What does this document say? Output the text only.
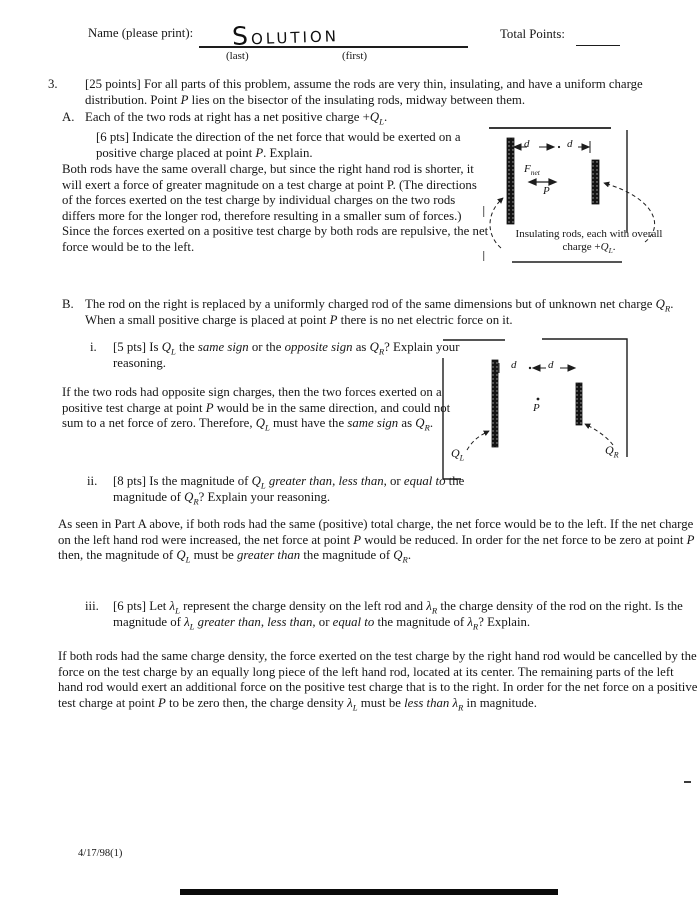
Name (please print):	SOLUTION
(last)	(first)
Total Points:
3. [25 points] For all parts of this problem, assume the rods are very thin, insulating, and have a uniform charge distribution. Point P lies on the bisector of the insulating rods, midway between them.
A. Each of the two rods at right has a net positive charge $+Q_L$.
[6 pts] Indicate the direction of the net force that would be exerted on a positive charge placed at point P. Explain.
Both rods have the same overall charge, but since the right hand rod is shorter, it will exert a force of greater magnitude on a test charge at point P. (The directions of the forces exerted on the test charge by individual charges on the two rods differs more for the longer rod, therefore resulting in a smaller sum of forces.) Since the forces exerted on a positive test charge by both rods are repulsive, the net force would be to the left.
d	d
$F_{net}$
P
Insulating rods, each with overall charge $+Q_L$.
B. The rod on the right is replaced by a uniformly charged rod of the same dimensions but of unknown net charge $Q_R$. When a small positive charge is placed at point P there is no net electric force on it.
d	d
P
$Q_L$
$Q_R$
i. [5 pts] Is $Q_L$ the same sign or the opposite sign as $Q_R$? Explain your reasoning.
If the two rods had opposite sign charges, then the two forces exerted on a positive test charge at point P would be in the same direction, and could not sum to a net force of zero. Therefore, $Q_L$ must have the same sign as $Q_R$.
ii. [8 pts] Is the magnitude of $Q_L$ greater than, less than, or equal to the magnitude of $Q_R$? Explain your reasoning.
As seen in Part A above, if both rods had the same (positive) total charge, the net force would be to the left. If the net charge on the left hand rod were increased, the net force at point P would be reduced. In order for the net force to be zero at point P then, the magnitude of $Q_L$ must be greater than the magnitude of $Q_R$.
iii. [6 pts] Let $\lambda_L$ represent the charge density on the left rod and $\lambda_R$ the charge density of the rod on the right. Is the magnitude of $\lambda_L$ greater than, less than, or equal to the magnitude of $\lambda_R$? Explain.
If both rods had the same charge density, the force exerted on the test charge by the right hand rod would be cancelled by the force on the test charge by an equally long piece of the left hand rod, located at its center. The remaining parts of the left hand rod would exert an additional force on the positive test charge that is to the right. In order for the net force on a positive test charge at point P to be zero then, the charge density $\lambda_L$ must be less than $\lambda_R$ in magnitude.
4/17/98(1)
